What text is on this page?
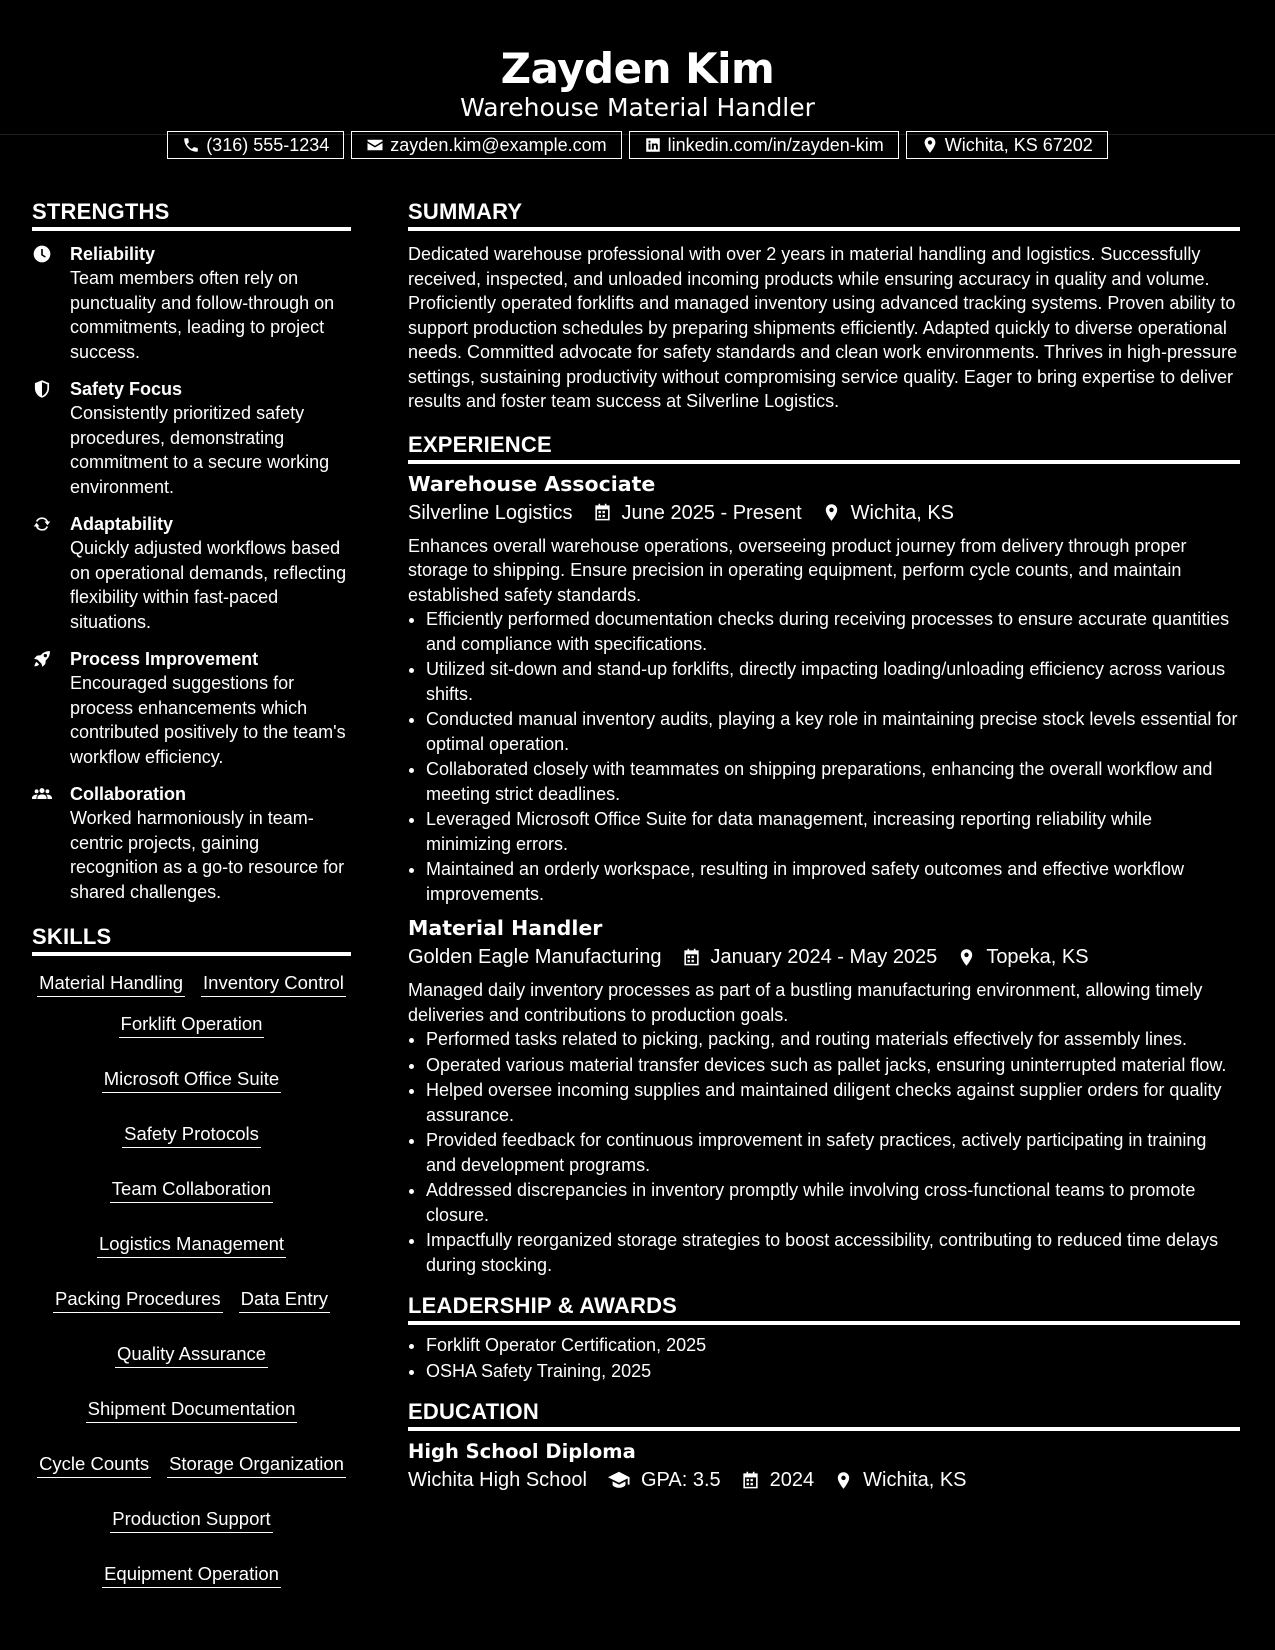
Zayden Kim
Warehouse Material Handler
(316) 555-1234	zayden.kim@example.com	linkedin.com/in/zayden-kim	Wichita, KS 67202
STRENGTHS
Reliability
Team members often rely on punctuality and follow-through on commitments, leading to project success.
Safety Focus
Consistently prioritized safety procedures, demonstrating commitment to a secure working environment.
Adaptability
Quickly adjusted workflows based on operational demands, reflecting flexibility within fast-paced situations.
Process Improvement
Encouraged suggestions for process enhancements which contributed positively to the team's workflow efficiency.
Collaboration
Worked harmoniously in team-centric projects, gaining recognition as a go-to resource for shared challenges.
SKILLS
Material Handling Inventory Control
Forklift Operation
Microsoft Office Suite
Safety Protocols
Team Collaboration
Logistics Management
Packing Procedures Data Entry
Quality Assurance
Shipment Documentation
Cycle Counts Storage Organization
Production Support
Equipment Operation
SUMMARY
Dedicated warehouse professional with over 2 years in material handling and logistics. Successfully received, inspected, and unloaded incoming products while ensuring accuracy in quality and volume. Proficiently operated forklifts and managed inventory using advanced tracking systems. Proven ability to support production schedules by preparing shipments efficiently. Adapted quickly to diverse operational needs. Committed advocate for safety standards and clean work environments. Thrives in high-pressure settings, sustaining productivity without compromising service quality. Eager to bring expertise to deliver results and foster team success at Silverline Logistics.
EXPERIENCE
Warehouse Associate
Silverline Logistics June 2025 - Present Wichita, KS
Enhances overall warehouse operations, overseeing product journey from delivery through proper storage to shipping. Ensure precision in operating equipment, perform cycle counts, and maintain established safety standards.
• Efficiently performed documentation checks during receiving processes to ensure accurate quantities and compliance with specifications.
• Utilized sit-down and stand-up forklifts, directly impacting loading/unloading efficiency across various shifts.
• Conducted manual inventory audits, playing a key role in maintaining precise stock levels essential for optimal operation.
• Collaborated closely with teammates on shipping preparations, enhancing the overall workflow and meeting strict deadlines.
• Leveraged Microsoft Office Suite for data management, increasing reporting reliability while minimizing errors.
• Maintained an orderly workspace, resulting in improved safety outcomes and effective workflow improvements.
Material Handler
Golden Eagle Manufacturing January 2024 - May 2025 Topeka, KS
Managed daily inventory processes as part of a bustling manufacturing environment, allowing timely deliveries and contributions to production goals.
• Performed tasks related to picking, packing, and routing materials effectively for assembly lines.
• Operated various material transfer devices such as pallet jacks, ensuring uninterrupted material flow.
• Helped oversee incoming supplies and maintained diligent checks against supplier orders for quality assurance.
• Provided feedback for continuous improvement in safety practices, actively participating in training and development programs.
• Addressed discrepancies in inventory promptly while involving cross-functional teams to promote closure.
• Impactfully reorganized storage strategies to boost accessibility, contributing to reduced time delays during stocking.
LEADERSHIP & AWARDS
• Forklift Operator Certification, 2025
• OSHA Safety Training, 2025
EDUCATION
High School Diploma
Wichita High School	GPA: 3.5 2024 Wichita, KS
